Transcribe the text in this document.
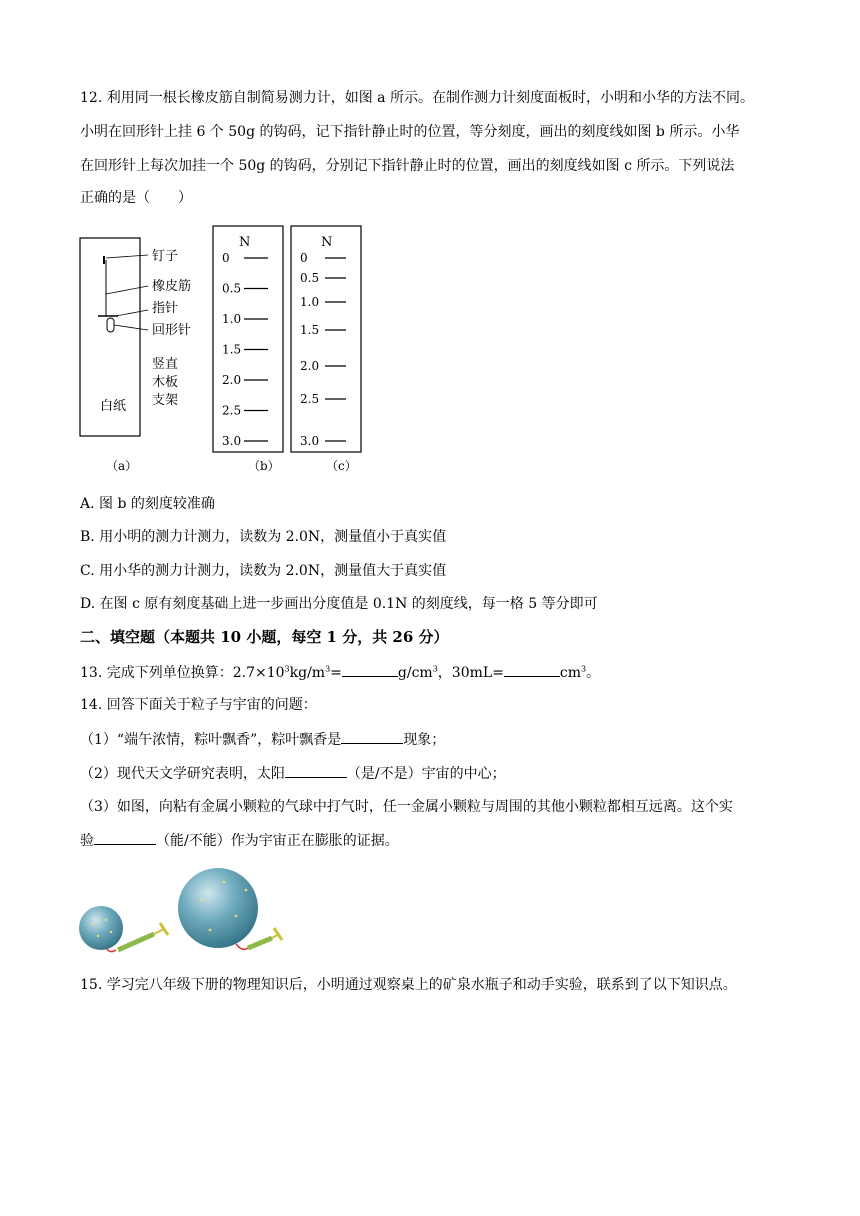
12. 利用同一根长橡皮筋自制简易测力计，如图 a 所示。在制作测力计刻度面板时，小明和小华的方法不同。
小明在回形针上挂 6 个 50g 的钩码，记下指针静止时的位置，等分刻度，画出的刻度线如图 b 所示。小华
在回形针上每次加挂一个 50g 的钩码，分别记下指针静止时的位置，画出的刻度线如图 c 所示。下列说法
正确的是（　　）
钉子
橡皮筋
指针
回形针
竖直
木板
支架
白纸
（a）
N
0
0.5
1.0
1.5
2.0
2.5
3.0
（b）
N
0
0.5
1.0
1.5
2.0
2.5
3.0
（c）
A. 图 b 的刻度较准确
B. 用小明的测力计测力，读数为 2.0N，测量值小于真实值
C. 用小华的测力计测力，读数为 2.0N，测量值大于真实值
D. 在图 c 原有刻度基础上进一步画出分度值是 0.1N 的刻度线，每一格 5 等分即可
二、填空题（本题共 10 小题，每空 1 分，共 26 分）
13. 完成下列单位换算：$2.7\times 10^3kg/m^3=$	$g/cm^3$，30mL=	$cm^3$。
14. 回答下面关于粒子与宇宙的问题：
（1）“端午浓情，粽叶飘香”，粽叶飘香是	现象；
（2）现代天文学研究表明，太阳	（是/不是）宇宙的中心；
（3）如图，向粘有金属小颗粒的气球中打气时，任一金属小颗粒与周围的其他小颗粒都相互远离。这个实
验	（能/不能）作为宇宙正在膨胀的证据。
15. 学习完八年级下册的物理知识后，小明通过观察桌上的矿泉水瓶子和动手实验，联系到了以下知识点。
